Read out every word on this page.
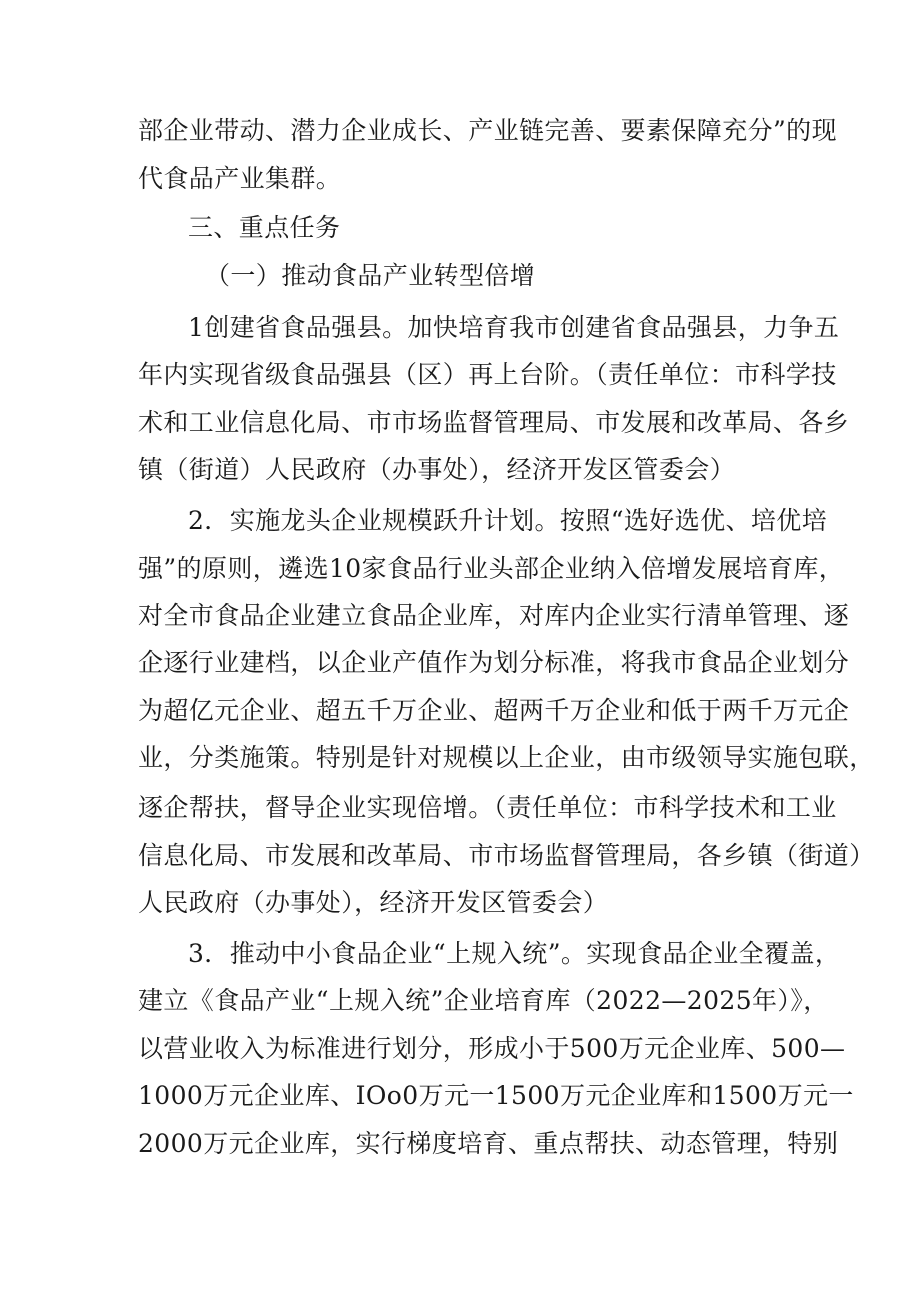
部企业带动、潜力企业成长、产业链完善、要素保障充分”的现
代食品产业集群。
三、重点任务
（一）推动食品产业转型倍增
1创建省食品强县。加快培育我市创建省食品强县，力争五
年内实现省级食品强县（区）再上台阶。（责任单位：市科学技
术和工业信息化局、市市场监督管理局、市发展和改革局、各乡
镇（街道）人民政府（办事处），经济开发区管委会）
2．实施龙头企业规模跃升计划。按照“选好选优、培优培
强”的原则，遴选10家食品行业头部企业纳入倍增发展培育库，
对全市食品企业建立食品企业库，对库内企业实行清单管理、逐
企逐行业建档，以企业产值作为划分标准，将我市食品企业划分
为超亿元企业、超五千万企业、超两千万企业和低于两千万元企
业，分类施策。特别是针对规模以上企业，由市级领导实施包联，
逐企帮扶，督导企业实现倍增。（责任单位：市科学技术和工业
信息化局、市发展和改革局、市市场监督管理局，各乡镇（街道）
人民政府（办事处），经济开发区管委会）
3．推动中小食品企业“上规入统”。实现食品企业全覆盖，
建立《食品产业“上规入统”企业培育库（2022—2025年）》，
以营业收入为标准进行划分，形成小于500万元企业库、500—
1000万元企业库、IOo0万元一1500万元企业库和1500万元一
2000万元企业库，实行梯度培育、重点帮扶、动态管理，特别
